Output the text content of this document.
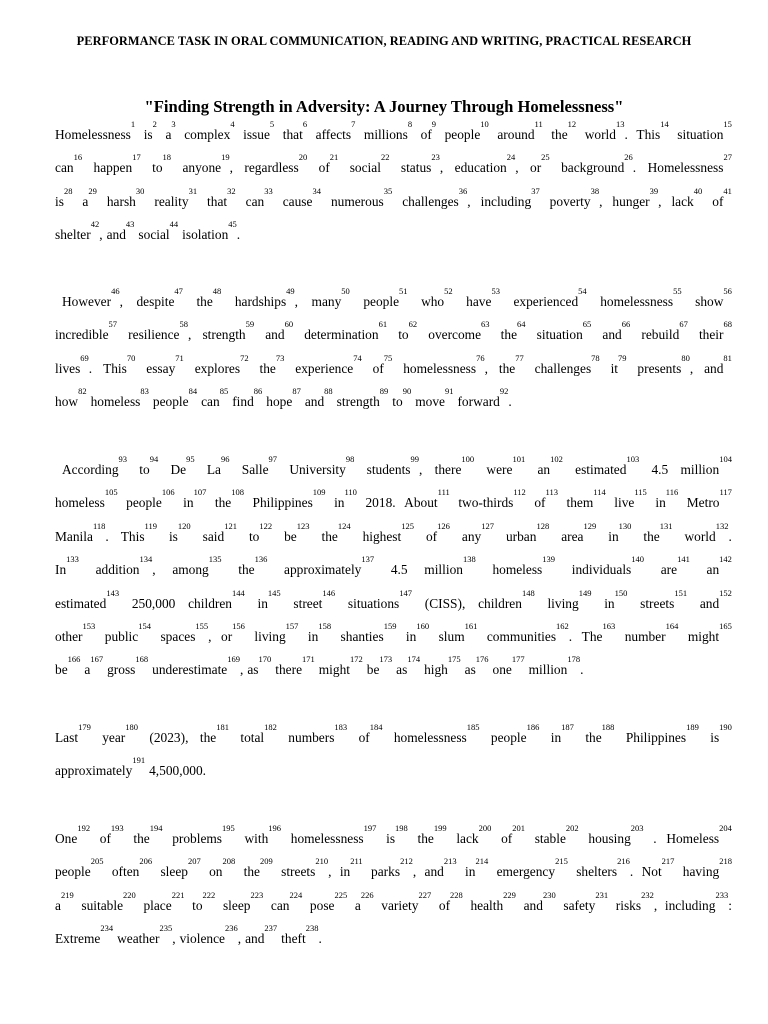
PERFORMANCE TASK IN ORAL COMMUNICATION, READING AND WRITING, PRACTICAL RESEARCH
"Finding Strength in Adversity: A Journey Through Homelessness"
Homelessness$^1$
$is^2$
$a^3$
complex$^4$
issue$^5$
that$^6$
affects$^7$
millions$^8$
$of^9$
people$^{10}$
around$^{11}$
the$^{12}$
world$^{13}$. This$^{14}$
situation$^{15}$
can$^{16}$
happen$^{17}$
$to^{18}$
anyone$^{19}$, regardless$^{20}$
$of^{21}$
social$^{22}$
status$^{23}$, education$^{24}$, $or^{25}$
background$^{26}$. Homelessness$^{27}$
$is^{28}$
$a^{29}$
harsh$^{30}$
reality$^{31}$
that$^{32}$
can$^{33}$
cause$^{34}$
numerous$^{35}$
challenges$^{36}$, including$^{37}$
poverty$^{38}$, hunger$^{39}$, lack$^{40}$
$of^{41}$
shelter$^{42}$, and$^{43}$
social$^{44}$
isolation$^{45}$.
However$^{46}$, despite$^{47}$
the$^{48}$
hardships$^{49}$, many$^{50}$
people$^{51}$
who$^{52}$
have$^{53}$
experienced$^{54}$
homelessness$^{55}$
show$^{56}$
incredible$^{57}$
resilience$^{58}$, strength$^{59}$
and$^{60}$
determination$^{61}$
$to^{62}$
overcome$^{63}$
the$^{64}$
situation$^{65}$
and$^{66}$
rebuild$^{67}$
their$^{68}$
lives$^{69}$. This$^{70}$
essay$^{71}$
explores$^{72}$
the$^{73}$
experience$^{74}$
$of^{75}$
homelessness$^{76}$, the$^{77}$
challenges$^{78}$
$it^{79}$
presents$^{80}$, and$^{81}$
how$^{82}$
homeless$^{83}$
people$^{84}$
can$^{85}$
find$^{86}$
hope$^{87}$
and$^{88}$
strength$^{89}$
$to^{90}$
move$^{91}$
forward$^{92}$.
According$^{93}$
$to^{94}$
De$^{95}$
La$^{96}$
Salle$^{97}$
University$^{98}$
students$^{99}$, there$^{100}$
were$^{101}$
$an^{102}$
estimated$^{103}$
4.5 million$^{104}$
homeless$^{105}$
people$^{106}$
$in^{107}$
the$^{108}$
Philippines$^{109}$
$in^{110}$
2018. About$^{111}$
two-thirds$^{112}$
$of^{113}$
them$^{114}$
live$^{115}$
$in^{116}$
Metro$^{117}$
Manila$^{118}$. This$^{119}$
$is^{120}$
said$^{121}$
$to^{122}$
$be^{123}$
the$^{124}$
highest$^{125}$
$of^{126}$
any$^{127}$
urban$^{128}$
area$^{129}$
$in^{130}$
the$^{131}$
world$^{132}$.
In$^{133}$
addition$^{134}$, among$^{135}$
the$^{136}$
approximately$^{137}$
4.5 million$^{138}$
homeless$^{139}$
individuals$^{140}$
are$^{141}$
$an^{142}$
estimated$^{143}$
250,000 children$^{144}$
$in^{145}$
street$^{146}$
situations$^{147}$
(CISS), children$^{148}$
living$^{149}$
$in^{150}$
streets$^{151}$
and$^{152}$
other$^{153}$
public$^{154}$
spaces$^{155}$, $or^{156}$
living$^{157}$
$in^{158}$
shanties$^{159}$
$in^{160}$
slum$^{161}$
communities$^{162}$. The$^{163}$
number$^{164}$
might$^{165}$
$be^{166}$
$a^{167}$
gross$^{168}$
underestimate$^{169}$, $as^{170}$
there$^{171}$
might$^{172}$
$be^{173}$
$as^{174}$
high$^{175}$
$as^{176}$
one$^{177}$
million$^{178}$.
Last$^{179}$
year$^{180}$
(2023), the$^{181}$
total$^{182}$
numbers$^{183}$
$of^{184}$
homelessness$^{185}$
people$^{186}$
$in^{187}$
the$^{188}$
Philippines$^{189}$
$is^{190}$
approximately$^{191}$
4,500,000.
One$^{192}$
$of^{193}$
the$^{194}$
problems$^{195}$
with$^{196}$
homelessness$^{197}$
$is^{198}$
the$^{199}$
lack$^{200}$
$of^{201}$
stable$^{202}$
housing$^{203}$
. Homeless$^{204}$
people$^{205}$
often$^{206}$
sleep$^{207}$
$on^{208}$
the$^{209}$
streets$^{210}$, $in^{211}$
parks$^{212}$, and$^{213}$
$in^{214}$
emergency$^{215}$
shelters$^{216}$. Not$^{217}$
having$^{218}$
$a^{219}$
suitable$^{220}$
place$^{221}$
$to^{222}$
sleep$^{223}$
can$^{224}$
pose$^{225}$
$a^{226}$
variety$^{227}$
$of^{228}$
health$^{229}$
and$^{230}$
safety$^{231}$
risks$^{232}$, including$^{233}$:
Extreme$^{234}$
weather$^{235}$, violence$^{236}$, and$^{237}$
theft$^{238}$.
